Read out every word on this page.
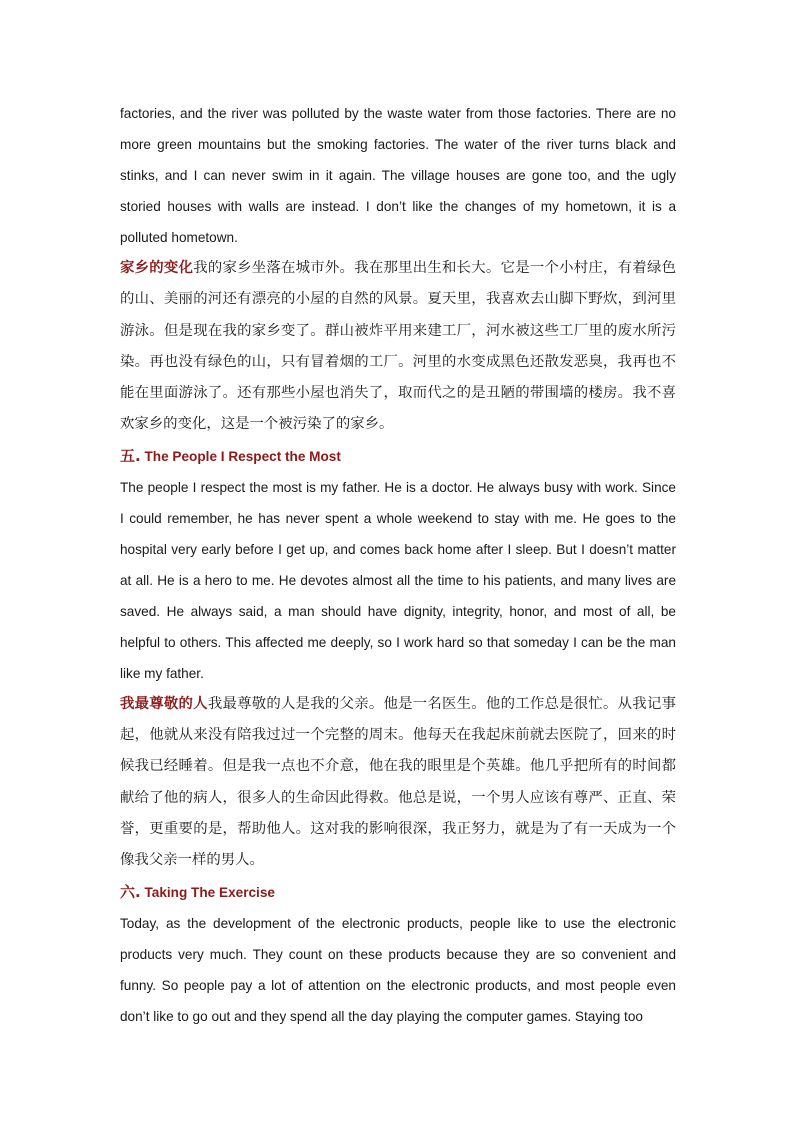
factories, and the river was polluted by the waste water from those factories. There are no more green mountains but the smoking factories. The water of the river turns black and stinks, and I can never swim in it again. The village houses are gone too, and the ugly storied houses with walls are instead. I don’t like the changes of my hometown, it is a polluted hometown.

家乡的变化我的家乡坐落在城市外。我在那里出生和长大。它是一个小村庄，有着绿色的山、美丽的河还有漂亮的小屋的自然的风景。夏天里，我喜欢去山脚下野炊，到河里游泳。但是现在我的家乡变了。群山被炸平用来建工厂，河水被这些工厂里的废水所污染。再也没有绿色的山，只有冒着烟的工厂。河里的水变成黑色还散发恶臭，我再也不能在里面游泳了。还有那些小屋也消失了，取而代之的是丑陋的带围墙的楼房。我不喜欢家乡的变化，这是一个被污染了的家乡。

五. The People I Respect the Most

The people I respect the most is my father. He is a doctor. He always busy with work. Since I could remember, he has never spent a whole weekend to stay with me. He goes to the hospital very early before I get up, and comes back home after I sleep. But I doesn’t matter at all. He is a hero to me. He devotes almost all the time to his patients, and many lives are saved. He always said, a man should have dignity, integrity, honor, and most of all, be helpful to others. This affected me deeply, so I work hard so that someday I can be the man like my father.

我最尊敬的人我最尊敬的人是我的父亲。他是一名医生。他的工作总是很忙。从我记事起，他就从来没有陪我过过一个完整的周末。他每天在我起床前就去医院了，回来的时候我已经睡着。但是我一点也不介意，他在我的眼里是个英雄。他几乎把所有的时间都献给了他的病人，很多人的生命因此得救。他总是说，一个男人应该有尊严、正直、荣誉，更重要的是，帮助他人。这对我的影响很深，我正努力，就是为了有一天成为一个像我父亲一样的男人。

六. Taking The Exercise

Today, as the development of the electronic products, people like to use the electronic products very much. They count on these products because they are so convenient and funny. So people pay a lot of attention on the electronic products, and most people even don’t like to go out and they spend all the day playing the computer games. Staying too
